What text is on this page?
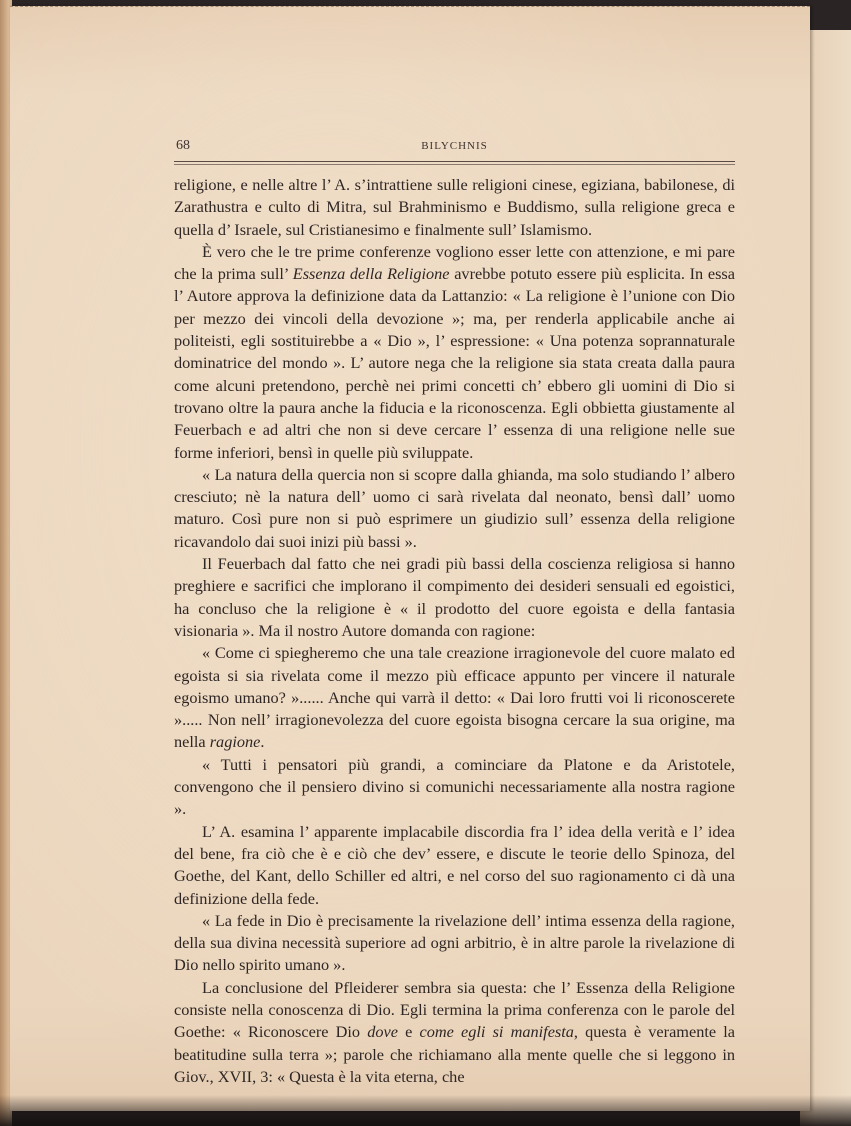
68	BILYCHNIS

religione, e nelle altre l’ A. s’intrattiene sulle religioni cinese, egiziana, babilonese, di Zarathustra e culto di Mitra, sul Brahminismo e Buddismo, sulla religione greca e quella d’ Israele, sul Cristianesimo e finalmente sull’ Islamismo.

È vero che le tre prime conferenze vogliono esser lette con attenzione, e mi pare che la prima sull’ Essenza della Religione avrebbe potuto essere più esplicita. In essa l’ Autore approva la definizione data da Lattanzio: « La religione è l’unione con Dio per mezzo dei vincoli della devozione »; ma, per renderla applicabile anche ai politeisti, egli sostituirebbe a « Dio », l’ espressione: « Una potenza soprannaturale dominatrice del mondo ». L’ autore nega che la religione sia stata creata dalla paura come alcuni pretendono, perchè nei primi concetti ch’ ebbero gli uomini di Dio si trovano oltre la paura anche la fiducia e la riconoscenza. Egli obbietta giustamente al Feuerbach e ad altri che non si deve cercare l’ essenza di una religione nelle sue forme inferiori, bensì in quelle più sviluppate.

« La natura della quercia non si scopre dalla ghianda, ma solo studiando l’ albero cresciuto; nè la natura dell’ uomo ci sarà rivelata dal neonato, bensì dall’ uomo maturo. Così pure non si può esprimere un giudizio sull’ essenza della religione ricavandolo dai suoi inizi più bassi ».

Il Feuerbach dal fatto che nei gradi più bassi della coscienza religiosa si hanno preghiere e sacrifici che implorano il compimento dei desideri sensuali ed egoistici, ha concluso che la religione è « il prodotto del cuore egoista e della fantasia visionaria ». Ma il nostro Autore domanda con ragione:

« Come ci spiegheremo che una tale creazione irragionevole del cuore malato ed egoista si sia rivelata come il mezzo più efficace appunto per vincere il naturale egoismo umano? »...... Anche qui varrà il detto: « Dai loro frutti voi li riconoscerete »..... Non nell’ irragionevolezza del cuore egoista bisogna cercare la sua origine, ma nella ragione.

« Tutti i pensatori più grandi, a cominciare da Platone e da Aristotele, convengono che il pensiero divino si comunichi necessariamente alla nostra ragione ».

L’ A. esamina l’ apparente implacabile discordia fra l’ idea della verità e l’ idea del bene, fra ciò che è e ciò che dev’ essere, e discute le teorie dello Spinoza, del Goethe, del Kant, dello Schiller ed altri, e nel corso del suo ragionamento ci dà una definizione della fede.

« La fede in Dio è precisamente la rivelazione dell’ intima essenza della ragione, della sua divina necessità superiore ad ogni arbitrio, è in altre parole la rivelazione di Dio nello spirito umano ».

La conclusione del Pfleiderer sembra sia questa: che l’ Essenza della Religione consiste nella conoscenza di Dio. Egli termina la prima conferenza con le parole del Goethe: « Riconoscere Dio dove e come egli si manifesta, questa è veramente la beatitudine sulla terra »; parole che richiamano alla mente quelle che si leggono in Giov., XVII, 3: « Questa è la vita eterna, che
